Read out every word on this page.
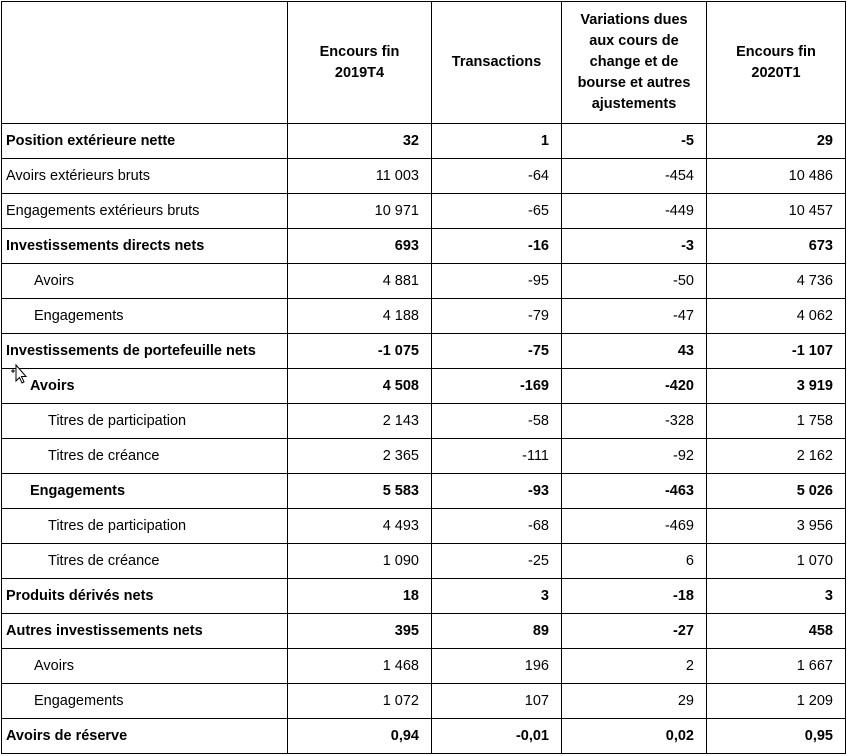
	Encours fin 2019T4	Transactions	Variations dues aux cours de change et de bourse et autres ajustements	Encours fin 2020T1
Position extérieure nette	32	1	-5	29
Avoirs extérieurs bruts	11 003	-64	-454	10 486
Engagements extérieurs bruts	10 971	-65	-449	10 457
Investissements directs nets	693	-16	-3	673
Avoirs	4 881	-95	-50	4 736
Engagements	4 188	-79	-47	4 062
Investissements de portefeuille nets	-1 075	-75	43	-1 107
Avoirs	4 508	-169	-420	3 919
Titres de participation	2 143	-58	-328	1 758
Titres de créance	2 365	-111	-92	2 162
Engagements	5 583	-93	-463	5 026
Titres de participation	4 493	-68	-469	3 956
Titres de créance	1 090	-25	6	1 070
Produits dérivés nets	18	3	-18	3
Autres investissements nets	395	89	-27	458
Avoirs	1 468	196	2	1 667
Engagements	1 072	107	29	1 209
Avoirs de réserve	0,94	-0,01	0,02	0,95
